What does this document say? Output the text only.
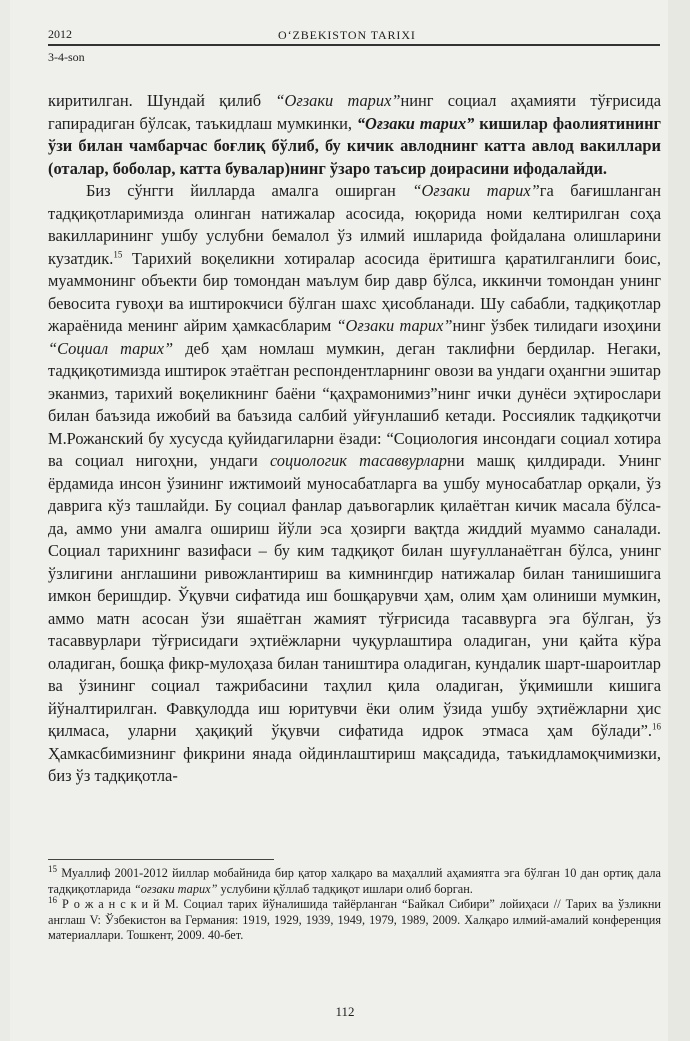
2012	O‘ZBEKISTON TARIXI
3-4-son

киритилган. Шундай қилиб “Оғзаки тарих”нинг социал аҳамияти тўғрисида гапирадиган бўлсак, таъкидлаш мумкинки, “Оғзаки тарих” кишилар фаолиятининг ўзи билан чамбарчас боғлиқ бўлиб, бу кичик авлоднинг катта авлод вакиллари (оталар, боболар, катта бувалар)нинг ўзаро таъсир доирасини ифодалайди.

Биз сўнгги йилларда амалга оширган “Оғзаки тарих”га бағишланган тадқиқотларимизда олинган натижалар асосида, юқорида номи келтирилган соҳа вакилларининг ушбу услубни бемалол ўз илмий ишларида фойдалана олишларини кузатдик.$^{15}$ Тарихий воқеликни хотиралар асосида ёритишга қаратилганлиги боис, муаммонинг объекти бир томондан маълум бир давр бўлса, иккинчи томондан унинг бевосита гувоҳи ва иштирокчиси бўлган шахс ҳисобланади. Шу сабабли, тадқиқотлар жараёнида менинг айрим ҳамкасбларим “Оғзаки тарих”нинг ўзбек тилидаги изоҳини “Социал тарих” деб ҳам номлаш мумкин, деган таклифни бердилар. Негаки, тадқиқотимизда иштирок этаётган респондентларнинг овози ва ундаги оҳангни эшитар эканмиз, тарихий воқеликнинг баёни “қаҳрамонимиз”нинг ички дунёси эҳтирослари билан баъзида ижобий ва баъзида салбий уйғунлашиб кетади. Россиялик тадқиқотчи М.Рожанский бу хусусда қуйидагиларни ёзади: “Социология инсондаги социал хотира ва социал нигоҳни, ундаги социологик тасаввурларни машқ қилдиради. Унинг ёрдамида инсон ўзининг ижтимоий муносабатларга ва ушбу муносабатлар орқали, ўз даврига кўз ташлайди. Бу социал фанлар даъвогарлик қилаётган кичик масала бўлса-да, аммо уни амалга ошириш йўли эса ҳозирги вақтда жиддий муаммо саналади. Социал тарихнинг вазифаси – бу ким тадқиқот билан шуғулланаётган бўлса, унинг ўзлигини англашини ривожлантириш ва кимнингдир натижалар билан танишишига имкон беришдир. Ўқувчи сифатида иш бошқарувчи ҳам, олим ҳам олиниши мумкин, аммо матн асосан ўзи яшаётган жамият тўғрисида тасаввурга эга бўлган, ўз тасаввурлари тўғрисидаги эҳтиёжларни чуқурлаштира оладиган, уни қайта кўра оладиган, бошқа фикр-мулоҳаза билан таништира оладиган, кундалик шарт-шароитлар ва ўзининг социал тажрибасини таҳлил қила оладиган, ўқимишли кишига йўналтирилган. Фавқулодда иш юритувчи ёки олим ўзида ушбу эҳтиёжларни ҳис қилмаса, уларни ҳақиқий ўқувчи сифатида идрок этмаса ҳам бўлади”.$^{16}$ Ҳамкасбимизнинг фикрини янада ойдинлаштириш мақсадида, таъкидламоқчимизки, биз ўз тадқиқотла-

$^{15}$ Муаллиф 2001-2012 йиллар мобайнида бир қатор халқаро ва маҳаллий аҳамиятга эга бўлган 10 дан ортиқ дала тадқиқотларида “оғзаки тарих” услубини қўллаб тадқиқот ишлари олиб борган.

$^{16}$ Р о ж а н с к и й М. Социал тарих йўналишида тайёрланган “Байкал Сибири” лойиҳаси // Тарих ва ўзликни англаш V: Ўзбекистон ва Германия: 1919, 1929, 1939, 1949, 1979, 1989, 2009. Халқаро илмий-амалий конференция материаллари. Тошкент, 2009. 40-бет.

112
